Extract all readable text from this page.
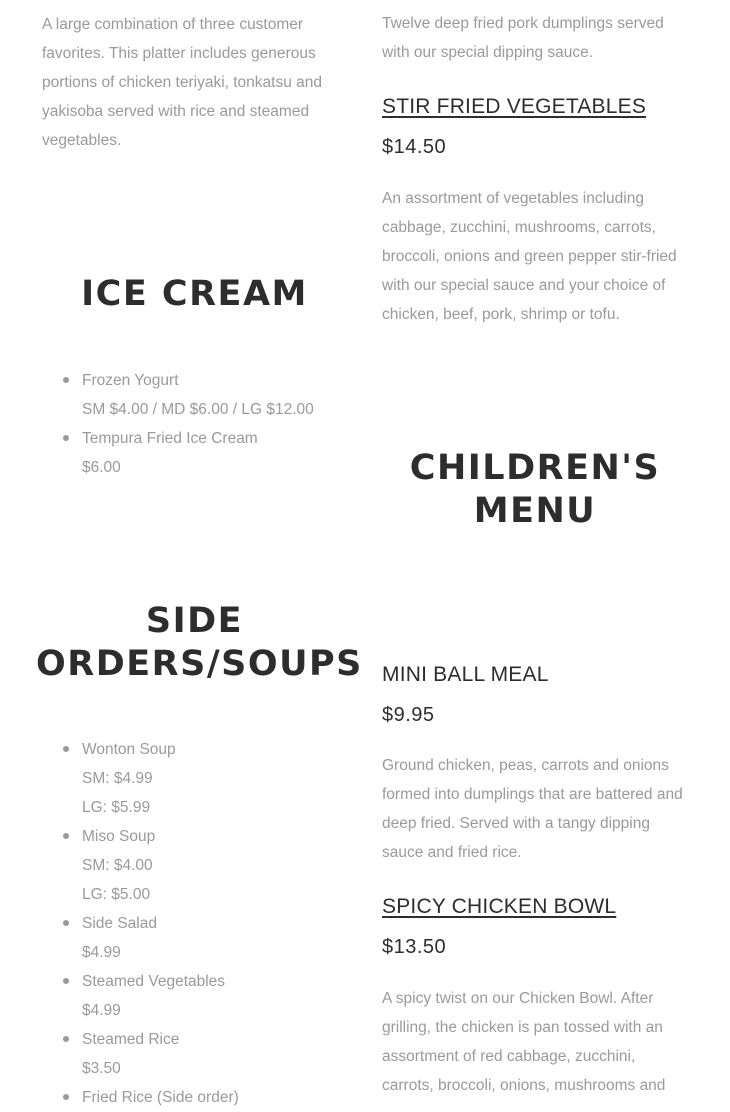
A large combination of three customer favorites. This platter includes generous portions of chicken teriyaki, tonkatsu and yakisoba served with rice and steamed vegetables.

ICE CREAM
Frozen Yogurt
SM $4.00 / MD $6.00 / LG $12.00
Tempura Fried Ice Cream
$6.00
SIDE
ORDERS/SOUPS
Wonton Soup
SM: $4.99
LG: $5.99
Miso Soup
SM: $4.00
LG: $5.00
Side Salad
$4.99
Steamed Vegetables
$4.99
Steamed Rice
$3.50
Fried Rice (Side order)

Twelve deep fried pork dumplings served with our special dipping sauce.

STIR FRIED VEGETABLES

$14.50

An assortment of vegetables including cabbage, zucchini, mushrooms, carrots, broccoli, onions and green pepper stir-fried with our special sauce and your choice of chicken, beef, pork, shrimp or tofu.

CHILDREN'S
MENU
MINI BALL MEAL

$9.95

Ground chicken, peas, carrots and onions formed into dumplings that are battered and deep fried. Served with a tangy dipping sauce and fried rice.

SPICY CHICKEN BOWL

$13.50

A spicy twist on our Chicken Bowl. After grilling, the chicken is pan tossed with an assortment of red cabbage, zucchini, carrots, broccoli, onions, mushrooms and
